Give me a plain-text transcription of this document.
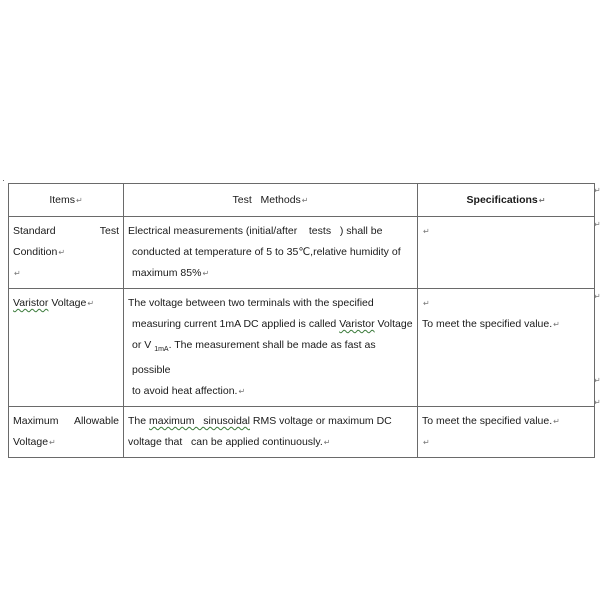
·
Items↵	Test   Methods↵	Specifications↵

Standard Test
Condition↵
↵	Electrical measurements (initial/after    tests   ) shall be
conducted at temperature of 5 to 35℃,relative humidity of
maximum 85%↵	↵

Varistor Voltage↵	The voltage between two terminals with the specified
measuring current 1mA DC applied is called Varistor Voltage
or V $_{1mA}$. The measurement shall be made as fast as possible
to avoid heat affection.↵	↵
To meet the specified value.↵

Maximum Allowable
Voltage↵	The maximum   sinusoidal RMS voltage or maximum DC
voltage that   can be applied continuously.↵	To meet the specified value.↵
↵
↵
↵
↵
↵
↵
